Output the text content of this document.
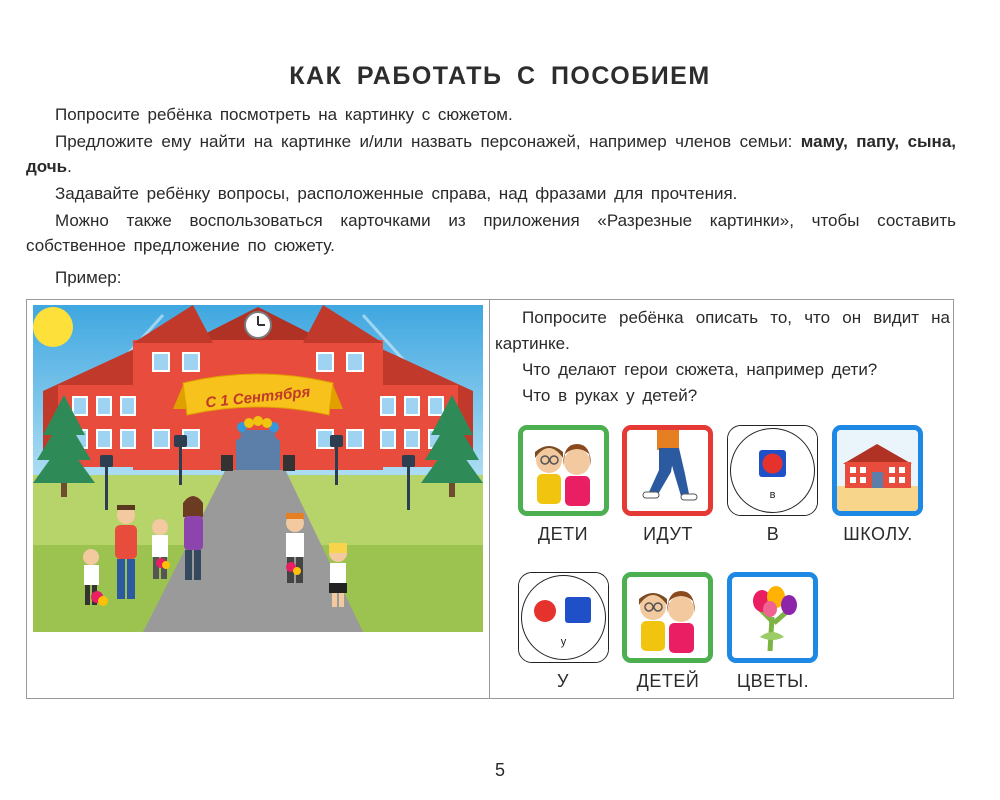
КАК РАБОТАТЬ С ПОСОБИЕМ

Попросите ребёнка посмотреть на картинку с сюжетом.

Предложите ему найти на картинке и/или назвать персонажей, например членов семьи: маму, папу, сына, дочь.

Задавайте ребёнку вопросы, расположенные справа, над фразами для прочтения.

Можно также воспользоваться карточками из приложения «Разрезные картинки», чтобы составить собственное предложение по сюжету.

Пример:
С 1 Сентября

Попросите ребёнка описать то, что он видит на картинке.

Что делают герои сюжета, например дети?

Что в руках у детей?

в
ДЕТИ	ИДУТ	В	ШКОЛУ.
у
У	ДЕТЕЙ	ЦВЕТЫ.
5
